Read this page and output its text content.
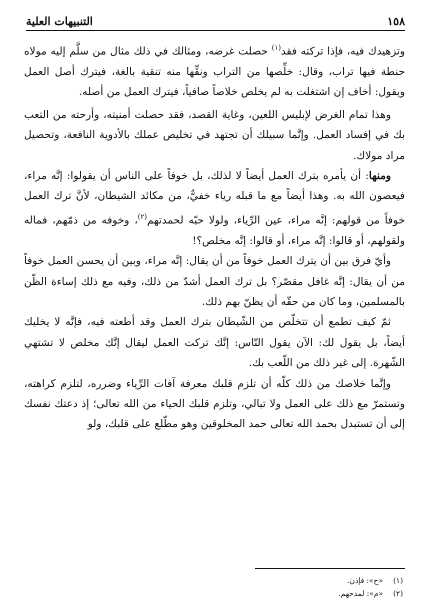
١٥٨
التنبيهات العلية

وتزهيدك فيه، فإذا تركته فقد$^{(١)}$ حصلت غرضه، ومثالك في ذلك مثال من سلَّم إليه مولاه حنطة فيها تراب، وقال: خلِّصها من التراب ونقِّها منه تنقية بالغة، فيترك أصل العمل ويقول: أخاف إن اشتغلت به لم يخلص خلاصاً صافياً، فيترك العمل من أصله.

وهذا تمام الغرض لإبليس اللعين، وغاية القصد، فقد حصلت أمنيته، وأرحته من التعب بك في إفساد العمل. وإنَّما سبيلك أن تجتهد في تخليص عملك بالأدوية النافعة، وتحصيل مراد مولاك.

ومنها: أن يأمره بترك العمل أيضاً لا لذلك، بل خوفاً على الناس أن يقولوا: إنَّه مراء، فيعصون الله به. وهذا أيضاً مع ما قبله رياء خفيٌّ، من مكائد الشيطان، لأنَّ ترك العمل خوفاً من قولهم: إنَّه مراء، عين الرِّياء، ولولا حبّه لحمدتهم$^{(٢)}$، وخوفه من ذمّهم، فماله ولقولهم، أو قالوا: إنَّه مراء، أو قالوا: إنَّه مخلص؟!

وأيّ فرق بين أن يترك العمل خوفاً من أن يقال: إنَّه مراء، وبين أن يحسن العمل خوفاً من أن يقال: إنَّه غافل مقصّر؟ بل ترك العمل أشدّ من ذلك، وفيه مع ذلك إساءة الظّن بالمسلمين، وما كان من حقّه أن يظنّ بهم ذلك.

ثمّ كيف تطمع أن تتخلّص من الشّيطان بترك العمل وقد أطعته فيه، فإنَّه لا يخليك أيضاً، بل يقول لك: الآن يقول النّاس: إنَّك تركت العمل ليقال إنَّك مخلص لا تشتهي الشّهرة. إلى غير ذلك من اللّعب بك.

وإنَّما خلاصك من ذلك كلّه أن تلزم قلبك معرفة آفات الرِّياء وضرره، لتلزم كراهته، وتستمرّ مع ذلك على العمل ولا تبالي، وتلزم قلبك الحياء من الله تعالى؛ إذ دعتك نفسك إلى أن تستبدل بحمد الله تعالى حمد المخلوقين وهو مطّلع على قلبك، ولو

(١)
«ح»: فإذن.
(٢)
«م»: لمدحهم.
